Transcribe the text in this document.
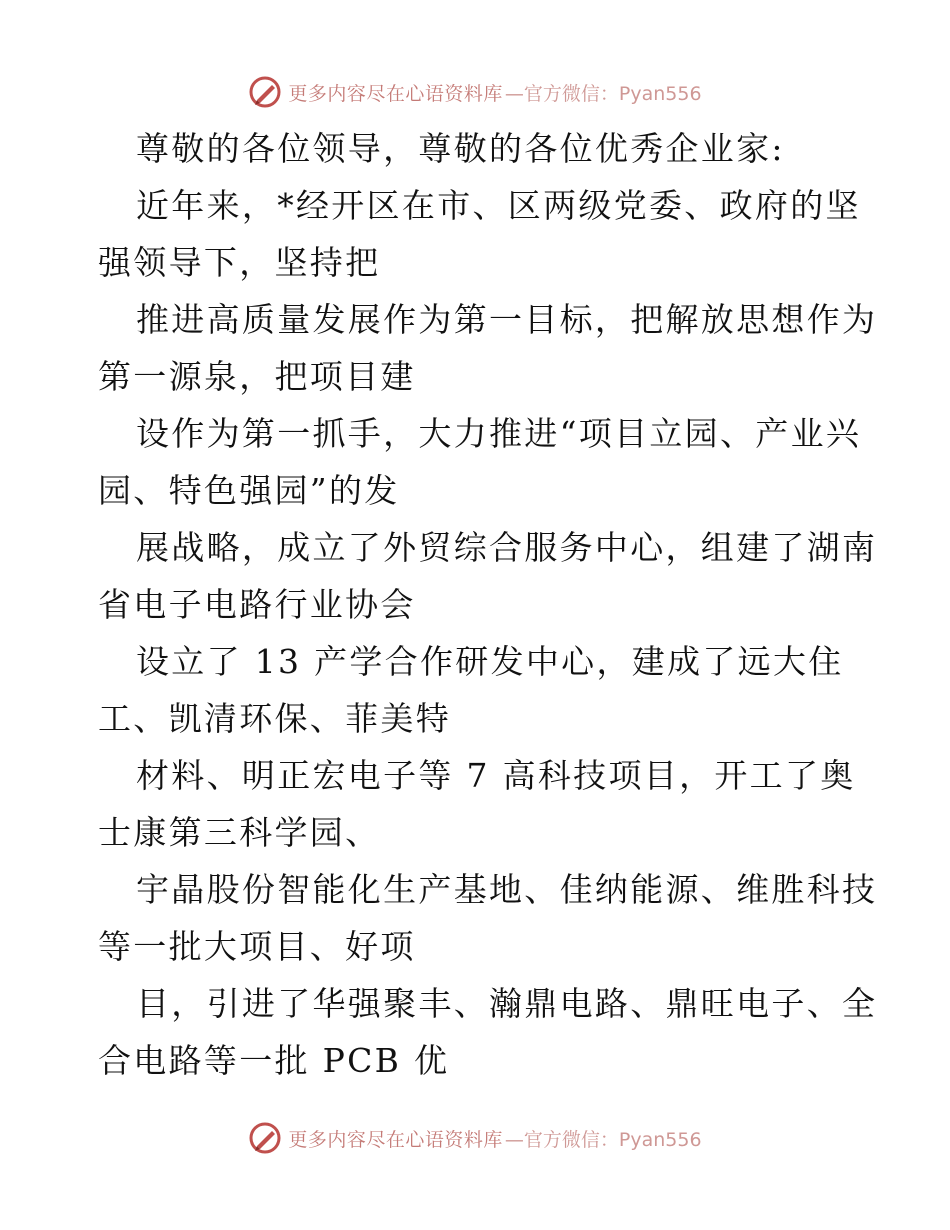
更多内容尽在心语资料库 —官方微信：Pyan556

尊敬的各位领导，尊敬的各位优秀企业家:

近年来，*经开区在市、区两级党委、政府的坚
强领导下，坚持把

推进高质量发展作为第一目标，把解放思想作为
第一源泉，把项目建

设作为第一抓手，大力推进“项目立园、产业兴
园、特色强园”的发

展战略，成立了外贸综合服务中心，组建了湖南
省电子电路行业协会

设立了 13 产学合作研发中心，建成了远大住
工、凯清环保、菲美特

材料、明正宏电子等 7 高科技项目，开工了奥
士康第三科学园、

宇晶股份智能化生产基地、佳纳能源、维胜科技
等一批大项目、好项

目，引进了华强聚丰、瀚鼎电路、鼎旺电子、全
合电路等一批 PCB 优

更多内容尽在心语资料库 —官方微信：Pyan556
